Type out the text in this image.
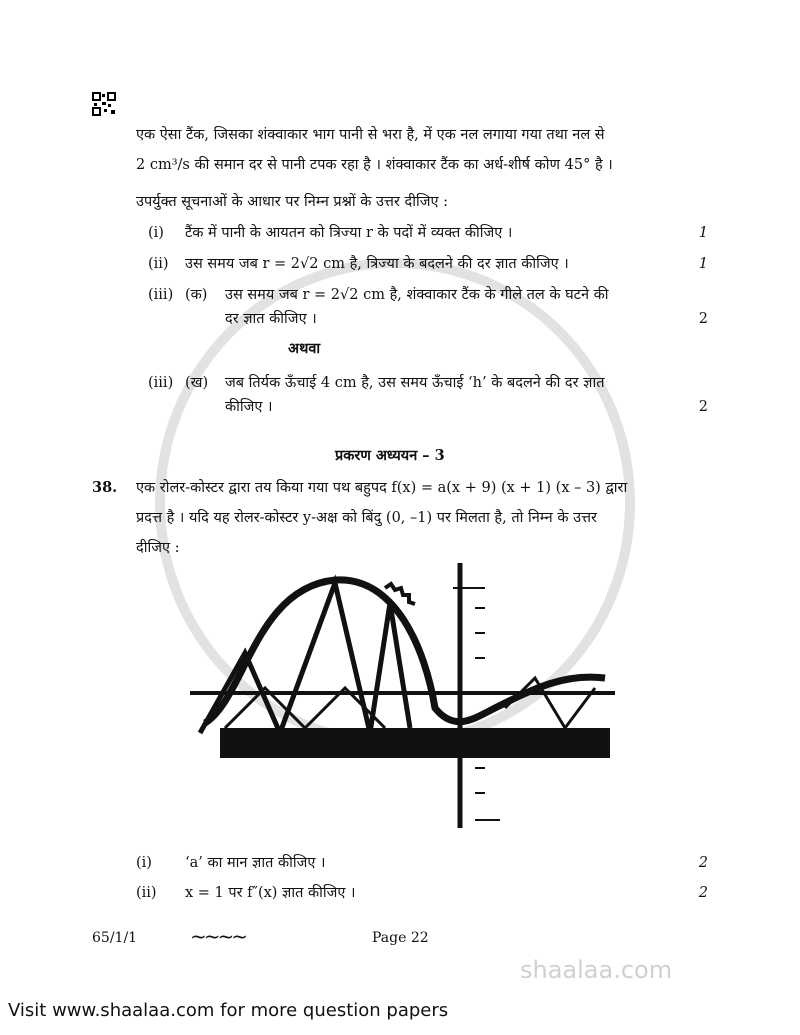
shaalaa.com
एक ऐसा टैंक, जिसका शंक्वाकार भाग पानी से भरा है, में एक नल लगाया गया तथा नल से
2 cm³/s की समान दर से पानी टपक रहा है । शंक्वाकार टैंक का अर्ध-शीर्ष कोण 45° है ।
उपर्युक्त सूचनाओं के आधार पर निम्न प्रश्नों के उत्तर दीजिए :
(i)	टैंक में पानी के आयतन को त्रिज्या r के पदों में व्यक्त कीजिए ।	1
(ii)	उस समय जब r = 2√2 cm है, त्रिज्या के बदलने की दर ज्ञात कीजिए ।	1
(iii) (क)	उस समय जब r = 2√2 cm है, शंक्वाकार टैंक के गीले तल के घटने की
दर ज्ञात कीजिए ।	2
अथवा
(iii) (ख)	जब तिर्यक ऊँचाई 4 cm है, उस समय ऊँचाई ‘h’ के बदलने की दर ज्ञात
कीजिए ।	2
प्रकरण अध्ययन – 3
38.	एक रोलर-कोस्टर द्वारा तय किया गया पथ बहुपद f(x) = a(x + 9) (x + 1) (x – 3) द्वारा
प्रदत्त है । यदि यह रोलर-कोस्टर y-अक्ष को बिंदु (0, –1) पर मिलता है, तो निम्न के उत्तर
दीजिए :
(i)	‘a’ का मान ज्ञात कीजिए ।	2
(ii)	x = 1 पर f″(x) ज्ञात कीजिए ।	2
65/1/1	~~~~	Page 22
Visit www.shaalaa.com for more question papers
